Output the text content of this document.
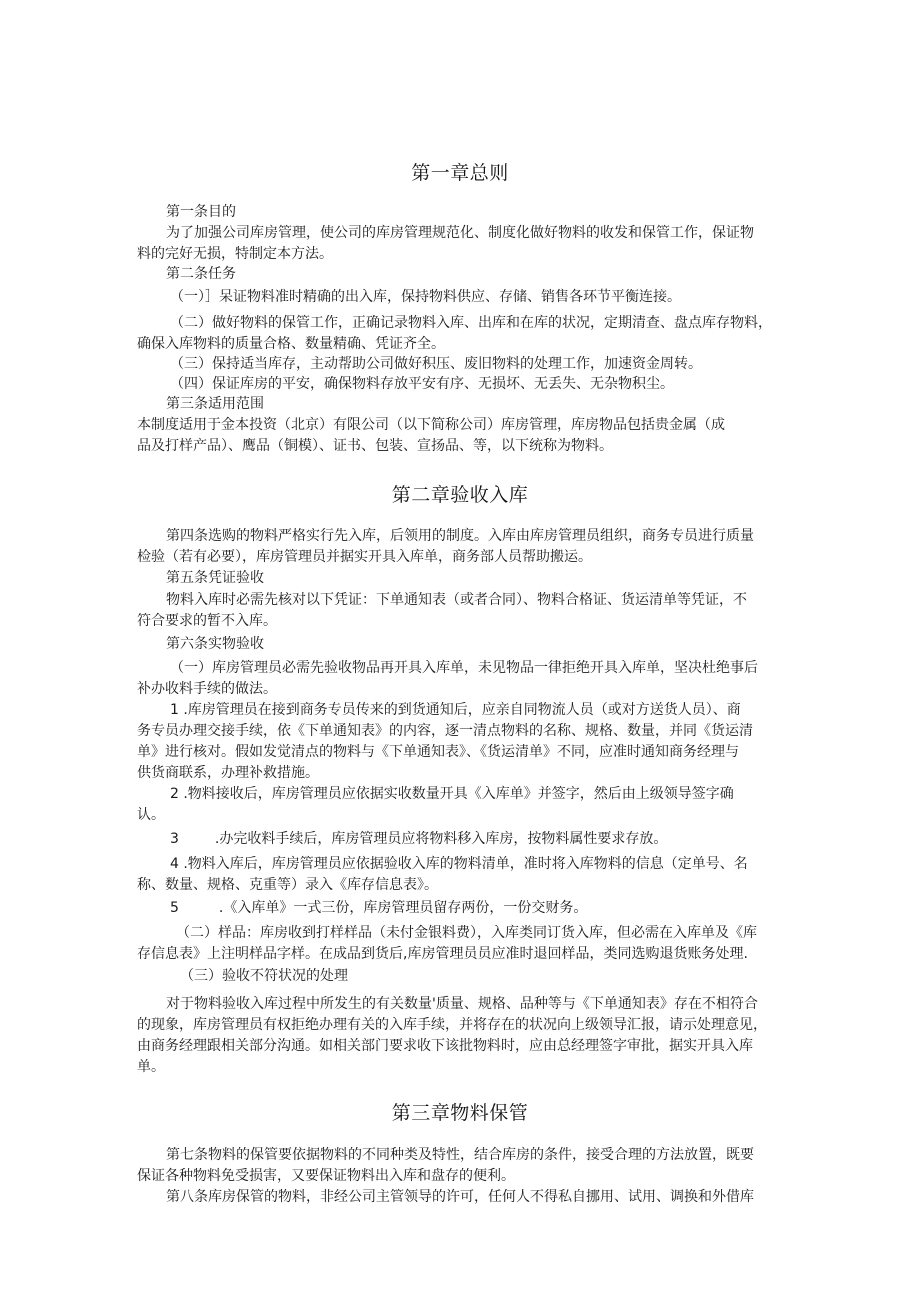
第一章总则
第一条目的
为了加强公司库房管理，使公司的库房管理规范化、制度化做好物料的收发和保管工作，保证物
料的完好无损，特制定本方法。
第二条任务
（一）］呆证物料准时精确的出入库，保持物料供应、存储、销售各环节平衡连接。
（二）做好物料的保管工作，正确记录物料入库、出库和在库的状况，定期清查、盘点库存物料，
确保入库物料的质量合格、数量精确、凭证齐全。
（三）保持适当库存，主动帮助公司做好积压、废旧物料的处理工作，加速资金周转。
（四）保证库房的平安，确保物料存放平安有序、无损坏、无丢失、无杂物积尘。
第三条适用范围
本制度适用于金本投资（北京）有限公司（以下简称公司）库房管理，库房物品包括贵金属（成
品及打样产品）、鹰品（铜模）、证书、包装、宣扬品、等，以下统称为物料。
第二章验收入库
第四条选购的物料严格实行先入库，后领用的制度。入库由库房管理员组织，商务专员进行质量
检验（若有必要），库房管理员并据实开具入库单，商务部人员帮助搬运。
第五条凭证验收
物料入库时必需先核对以下凭证：下单通知表（或者合同）、物料合格证、货运清单等凭证，不
符合要求的暂不入库。
第六条实物验收
（一）库房管理员必需先验收物品再开具入库单，未见物品一律拒绝开具入库单，坚决杜绝事后
补办收料手续的做法。
1 .库房管理员在接到商务专员传来的到货通知后，应亲自同物流人员（或对方送货人员）、商
务专员办理交接手续，依《下单通知表》的内容，逐一清点物料的名称、规格、数量，并同《货运清
单》进行核对。假如发觉清点的物料与《下单通知表》、《货运清单》不同，应准时通知商务经理与
供货商联系，办理补救措施。
2 .物料接收后，库房管理员应依据实收数量开具《入库单》并签字，然后由上级领导签字确
认。
3	.办完收料手续后，库房管理员应将物料移入库房，按物料属性要求存放。
4 .物料入库后，库房管理员应依据验收入库的物料清单，准时将入库物料的信息（定单号、名
称、数量、规格、克重等）录入《库存信息表》。
5	.《入库单》一式三份，库房管理员留存两份，一份交财务。
（二）样品：库房收到打样样品（未付金银料费），入库类同订货入库，但必需在入库单及《库
存信息表》上注明样品字样。在成品到货后,库房管理员员应准时退回样品，类同选购退货账务处理.
（三）验收不符状况的处理
对于物料验收入库过程中所发生的有关数量'质量、规格、品种等与《下单通知表》存在不相符合
的现象，库房管理员有权拒绝办理有关的入库手续，并将存在的状况向上级领导汇报，请示处理意见，
由商务经理跟相关部分沟通。如相关部门要求收下该批物料时，应由总经理签字审批，据实开具入库
单。
第三章物料保管
第七条物料的保管要依据物料的不同种类及特性，结合库房的条件，接受合理的方法放置，既要
保证各种物料免受损害，又要保证物料出入库和盘存的便利。
第八条库房保管的物料，非经公司主管领导的许可，任何人不得私自挪用、试用、调换和外借库
